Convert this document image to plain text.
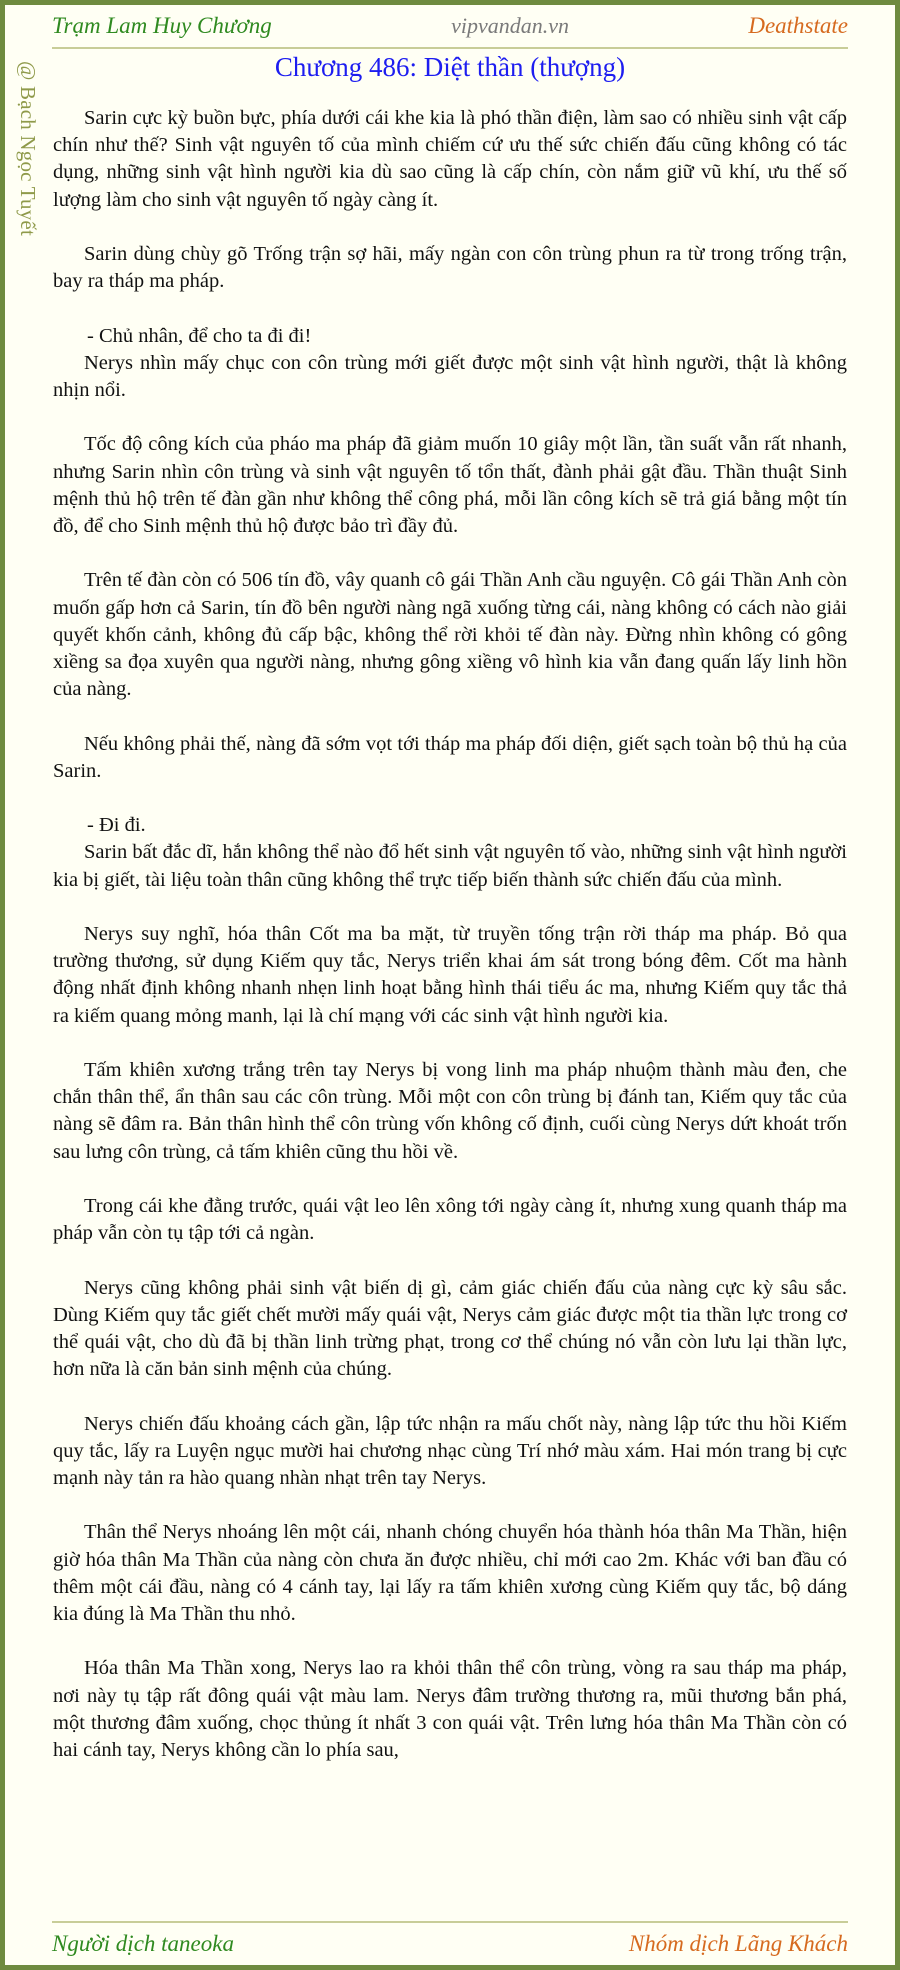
Trạm Lam Huy Chương	vipvandan.vn	Deathstate
@ Bạch Ngọc Tuyết	Chương 486: Diệt thần (thượng)

Sarin cực kỳ buồn bực, phía dưới cái khe kia là phó thần điện, làm sao có nhiều sinh vật cấp chín như thế? Sinh vật nguyên tố của mình chiếm cứ ưu thế sức chiến đấu cũng không có tác dụng, những sinh vật hình người kia dù sao cũng là cấp chín, còn nắm giữ vũ khí, ưu thế số lượng làm cho sinh vật nguyên tố ngày càng ít.

Sarin dùng chùy gõ Trống trận sợ hãi, mấy ngàn con côn trùng phun ra từ trong trống trận, bay ra tháp ma pháp.

- Chủ nhân, để cho ta đi đi!

Nerys nhìn mấy chục con côn trùng mới giết được một sinh vật hình người, thật là không nhịn nổi.

Tốc độ công kích của pháo ma pháp đã giảm muốn 10 giây một lần, tần suất vẫn rất nhanh, nhưng Sarin nhìn côn trùng và sinh vật nguyên tố tổn thất, đành phải gật đầu. Thần thuật Sinh mệnh thủ hộ trên tế đàn gần như không thể công phá, mỗi lần công kích sẽ trả giá bằng một tín đồ, để cho Sinh mệnh thủ hộ được bảo trì đầy đủ.

Trên tế đàn còn có 506 tín đồ, vây quanh cô gái Thần Anh cầu nguyện. Cô gái Thần Anh còn muốn gấp hơn cả Sarin, tín đồ bên người nàng ngã xuống từng cái, nàng không có cách nào giải quyết khốn cảnh, không đủ cấp bậc, không thể rời khỏi tế đàn này. Đừng nhìn không có gông xiềng sa đọa xuyên qua người nàng, nhưng gông xiềng vô hình kia vẫn đang quấn lấy linh hồn của nàng.

Nếu không phải thế, nàng đã sớm vọt tới tháp ma pháp đối diện, giết sạch toàn bộ thủ hạ của Sarin.

- Đi đi.

Sarin bất đắc dĩ, hắn không thể nào đổ hết sinh vật nguyên tố vào, những sinh vật hình người kia bị giết, tài liệu toàn thân cũng không thể trực tiếp biến thành sức chiến đấu của mình.

Nerys suy nghĩ, hóa thân Cốt ma ba mặt, từ truyền tống trận rời tháp ma pháp. Bỏ qua trường thương, sử dụng Kiếm quy tắc, Nerys triển khai ám sát trong bóng đêm. Cốt ma hành động nhất định không nhanh nhẹn linh hoạt bằng hình thái tiểu ác ma, nhưng Kiếm quy tắc thả ra kiếm quang mỏng manh, lại là chí mạng với các sinh vật hình người kia.

Tấm khiên xương trắng trên tay Nerys bị vong linh ma pháp nhuộm thành màu đen, che chắn thân thể, ẩn thân sau các côn trùng. Mỗi một con côn trùng bị đánh tan, Kiếm quy tắc của nàng sẽ đâm ra. Bản thân hình thể côn trùng vốn không cố định, cuối cùng Nerys dứt khoát trốn sau lưng côn trùng, cả tấm khiên cũng thu hồi về.

Trong cái khe đằng trước, quái vật leo lên xông tới ngày càng ít, nhưng xung quanh tháp ma pháp vẫn còn tụ tập tới cả ngàn.

Nerys cũng không phải sinh vật biến dị gì, cảm giác chiến đấu của nàng cực kỳ sâu sắc. Dùng Kiếm quy tắc giết chết mười mấy quái vật, Nerys cảm giác được một tia thần lực trong cơ thể quái vật, cho dù đã bị thần linh trừng phạt, trong cơ thể chúng nó vẫn còn lưu lại thần lực, hơn nữa là căn bản sinh mệnh của chúng.

Nerys chiến đấu khoảng cách gần, lập tức nhận ra mấu chốt này, nàng lập tức thu hồi Kiếm quy tắc, lấy ra Luyện ngục mười hai chương nhạc cùng Trí nhớ màu xám. Hai món trang bị cực mạnh này tản ra hào quang nhàn nhạt trên tay Nerys.

Thân thể Nerys nhoáng lên một cái, nhanh chóng chuyển hóa thành hóa thân Ma Thần, hiện giờ hóa thân Ma Thần của nàng còn chưa ăn được nhiều, chỉ mới cao 2m. Khác với ban đầu có thêm một cái đầu, nàng có 4 cánh tay, lại lấy ra tấm khiên xương cùng Kiếm quy tắc, bộ dáng kia đúng là Ma Thần thu nhỏ.

Hóa thân Ma Thần xong, Nerys lao ra khỏi thân thể côn trùng, vòng ra sau tháp ma pháp, nơi này tụ tập rất đông quái vật màu lam. Nerys đâm trường thương ra, mũi thương bắn phá, một thương đâm xuống, chọc thủng ít nhất 3 con quái vật. Trên lưng hóa thân Ma Thần còn có hai cánh tay, Nerys không cần lo phía sau,

Người dịch taneoka	Nhóm dịch Lãng Khách
